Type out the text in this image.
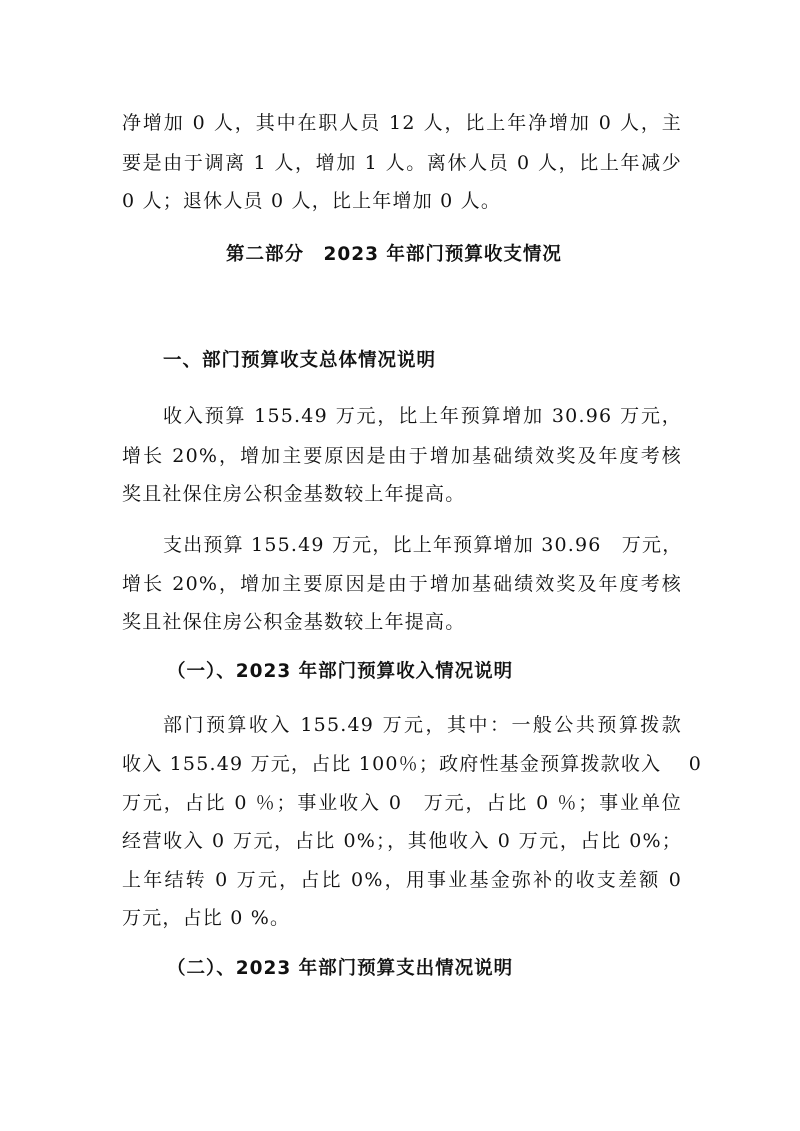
净增加 0 人，其中在职人员 12 人，比上年净增加 0 人，主
要是由于调离 1 人，增加 1 人。离休人员 0 人，比上年减少
0 人；退休人员 0 人，比上年增加 0 人。
第二部分　2023 年部门预算收支情况
一、部门预算收支总体情况说明
收入预算 155.49 万元，比上年预算增加 30.96 万元，
增长 20%，增加主要原因是由于增加基础绩效奖及年度考核
奖且社保住房公积金基数较上年提高。
支出预算 155.49 万元，比上年预算增加 30.96　万元，
增长 20%，增加主要原因是由于增加基础绩效奖及年度考核
奖且社保住房公积金基数较上年提高。
（一）、2023 年部门预算收入情况说明
部门预算收入 155.49 万元，其中：一般公共预算拨款
收入 155.49 万元，占比 100％；政府性基金预算拨款收入　 0
万元，占比 0 ％；事业收入 0　万元，占比 0 ％；事业单位
经营收入 0 万元，占比 0%；，其他收入 0 万元，占比 0%；
上年结转 0 万元，占比 0%，用事业基金弥补的收支差额 0
万元，占比 0 %。
（二）、2023 年部门预算支出情况说明
